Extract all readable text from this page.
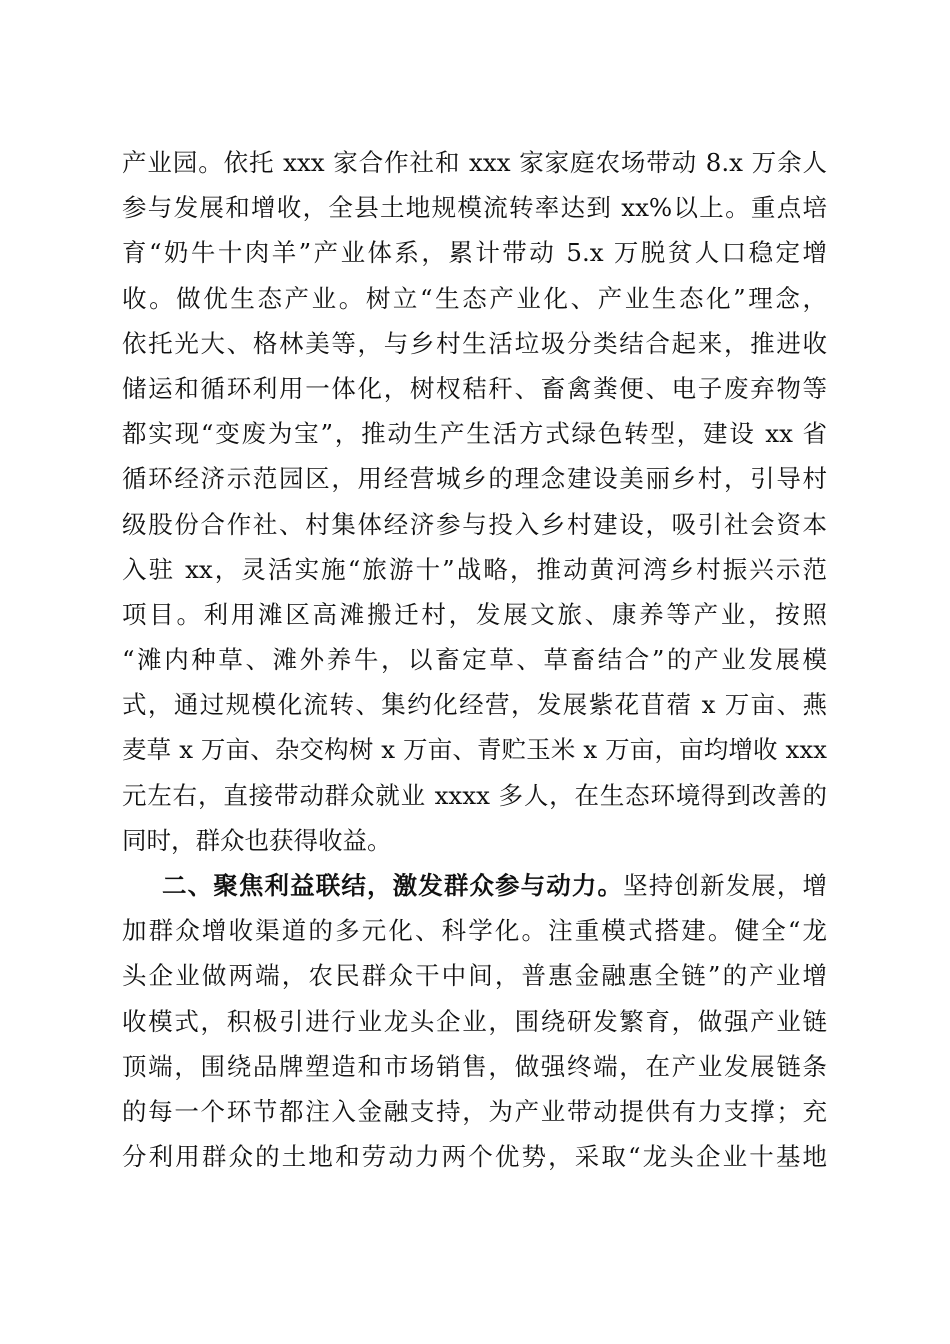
产业园。依托 xxx 家合作社和 xxx 家家庭农场带动 8.x 万余人
参与发展和增收，全县土地规模流转率达到 xx%以上。重点培
育“奶牛十肉羊”产业体系，累计带动 5.x 万脱贫人口稳定增
收。做优生态产业。树立“生态产业化、产业生态化”理念，
依托光大、格林美等，与乡村生活垃圾分类结合起来，推进收
储运和循环利用一体化，树杈秸秆、畜禽粪便、电子废弃物等
都实现“变废为宝”，推动生产生活方式绿色转型，建设 xx 省
循环经济示范园区，用经营城乡的理念建设美丽乡村，引导村
级股份合作社、村集体经济参与投入乡村建设，吸引社会资本
入驻 xx，灵活实施“旅游十”战略，推动黄河湾乡村振兴示范
项目。利用滩区高滩搬迁村，发展文旅、康养等产业，按照
“滩内种草、滩外养牛，以畜定草、草畜结合”的产业发展模
式，通过规模化流转、集约化经营，发展紫花苜蓿 x 万亩、燕
麦草 x 万亩、杂交构树 x 万亩、青贮玉米 x 万亩，亩均增收 xxx
元左右，直接带动群众就业 xxxx 多人，在生态环境得到改善的
同时，群众也获得收益。
二、聚焦利益联结，激发群众参与动力。坚持创新发展，增
加群众增收渠道的多元化、科学化。注重模式搭建。健全“龙
头企业做两端，农民群众干中间，普惠金融惠全链”的产业增
收模式，积极引进行业龙头企业，围绕研发繁育，做强产业链
顶端，围绕品牌塑造和市场销售，做强终端，在产业发展链条
的每一个环节都注入金融支持，为产业带动提供有力支撑；充
分利用群众的土地和劳动力两个优势，采取“龙头企业十基地
